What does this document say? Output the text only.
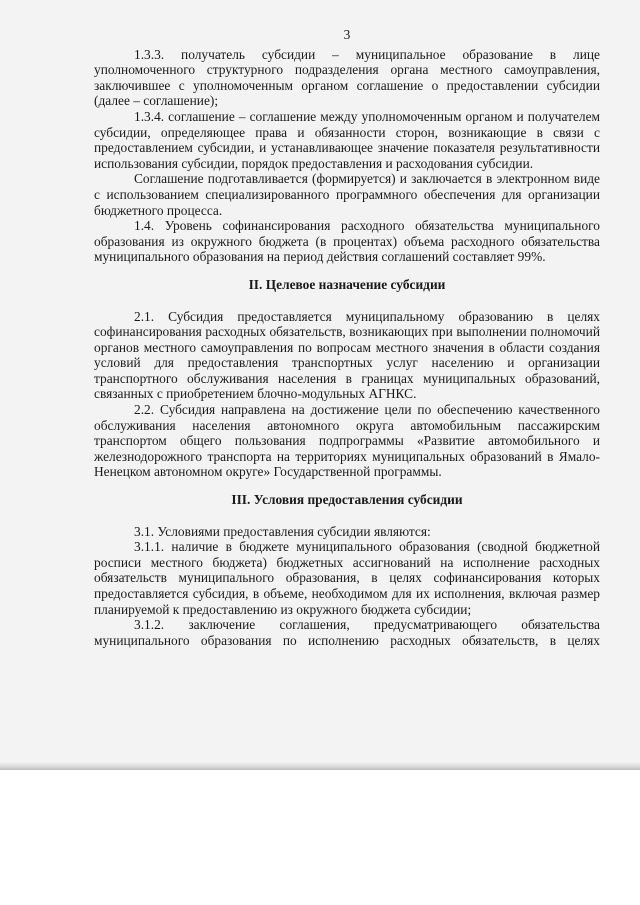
3

1.3.3. получатель субсидии – муниципальное образование в лице уполномоченного структурного подразделения органа местного самоуправления, заключившее с уполномоченным органом соглашение о предоставлении субсидии (далее – соглашение);

1.3.4. соглашение – соглашение между уполномоченным органом и получателем субсидии, определяющее права и обязанности сторон, возникающие в связи с предоставлением субсидии, и устанавливающее значение показателя результативности использования субсидии, порядок предоставления и расходования субсидии.

Соглашение подготавливается (формируется) и заключается в электронном виде с использованием специализированного программного обеспечения для организации бюджетного процесса.

1.4. Уровень софинансирования расходного обязательства муниципального образования из окружного бюджета (в процентах) объема расходного обязательства муниципального образования на период действия соглашений составляет 99%.

II. Целевое назначение субсидии

2.1. Субсидия предоставляется муниципальному образованию в целях софинансирования расходных обязательств, возникающих при выполнении полномочий органов местного самоуправления по вопросам местного значения в области создания условий для предоставления транспортных услуг населению и организации транспортного обслуживания населения в границах муниципальных образований, связанных с приобретением блочно-модульных АГНКС.

2.2. Субсидия направлена на достижение цели по обеспечению качественного обслуживания населения автономного округа автомобильным пассажирским транспортом общего пользования подпрограммы «Развитие автомобильного и железнодорожного транспорта на территориях муниципальных образований в Ямало-Ненецком автономном округе» Государственной программы.

III. Условия предоставления субсидии

3.1. Условиями предоставления субсидии являются:

3.1.1. наличие в бюджете муниципального образования (сводной бюджетной росписи местного бюджета) бюджетных ассигнований на исполнение расходных обязательств муниципального образования, в целях софинансирования которых предоставляется субсидия, в объеме, необходимом для их исполнения, включая размер планируемой к предоставлению из окружного бюджета субсидии;

3.1.2. заключение соглашения, предусматривающего обязательства муниципального образования по исполнению расходных обязательств, в целях
